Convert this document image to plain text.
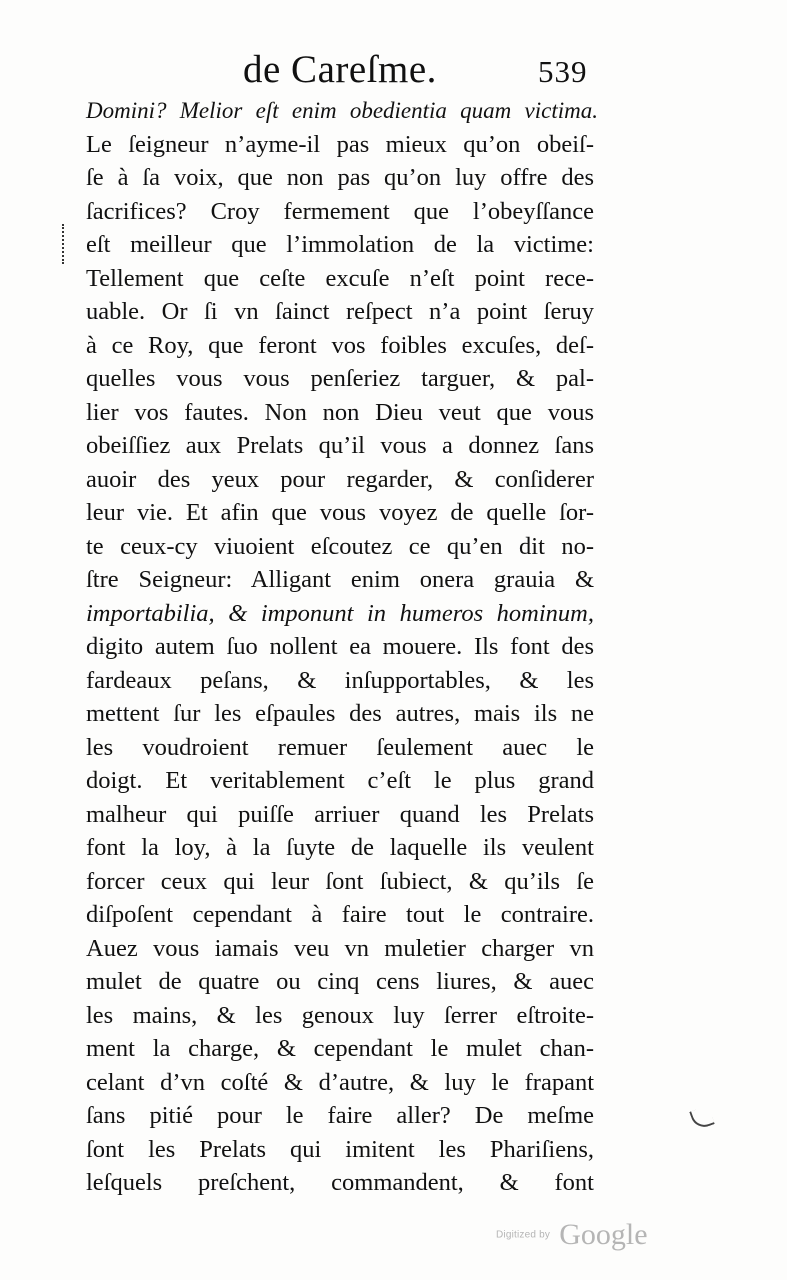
de Careſme.	539
Domini? Melior eſt enim obedientia quam victima.
Le ſeigneur n’ayme-il pas mieux qu’on obeiſ-
ſe à ſa voix, que non pas qu’on luy offre des
ſacrifices? Croy fermement que l’obeyſſance
eſt meilleur que l’immolation de la victime:
Tellement que ceſte excuſe n’eſt point rece-
uable. Or ſi vn ſainct reſpect n’a point ſeruy
à ce Roy, que feront vos foibles excuſes, deſ-
quelles vous vous penſeriez targuer, & pal-
lier vos fautes. Non non Dieu veut que vous
obeiſſiez aux Prelats qu’il vous a donnez ſans
auoir des yeux pour regarder, & conſiderer
leur vie. Et afin que vous voyez de quelle ſor-
te ceux-cy viuoient eſcoutez ce qu’en dit no-
ſtre Seigneur: Alligant enim onera grauia &
importabilia, & imponunt in humeros hominum,
digito autem ſuo nollent ea mouere. Ils font des
fardeaux peſans, & inſupportables, & les
mettent ſur les eſpaules des autres, mais ils ne
les voudroient remuer ſeulement auec le
doigt. Et veritablement c’eſt le plus grand
malheur qui puiſſe arriuer quand les Prelats
font la loy, à la ſuyte de laquelle ils veulent
forcer ceux qui leur ſont ſubiect, & qu’ils ſe
diſpoſent cependant à faire tout le contraire.
Auez vous iamais veu vn muletier charger vn
mulet de quatre ou cinq cens liures, & auec
les mains, & les genoux luy ſerrer eſtroite-
ment la charge, & cependant le mulet chan-
celant d’vn coſté & d’autre, & luy le frapant
ſans pitié pour le faire aller? De meſme
ſont les Prelats qui imitent les Phariſiens,
leſquels preſchent, commandent, & font
Digitized by Google
